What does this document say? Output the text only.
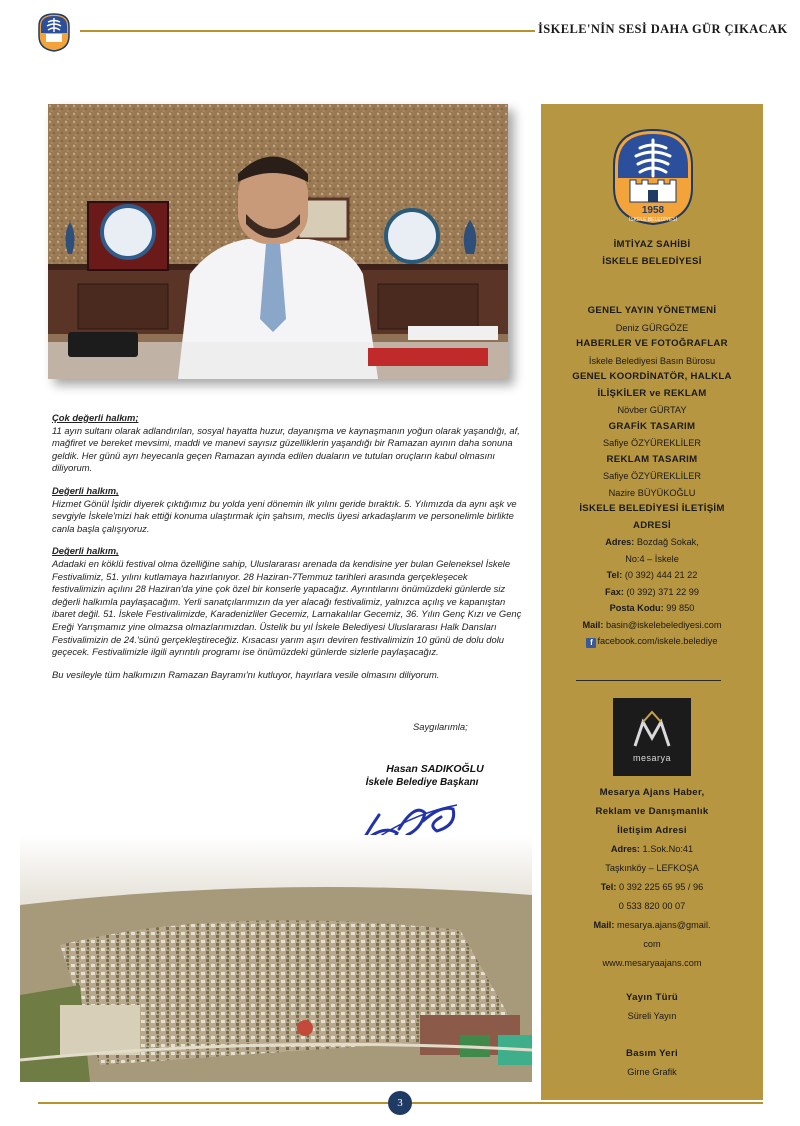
İSKELE'NİN SESİ DAHA GÜR ÇIKACAK

Çok değerli halkım;
11 ayın sultanı olarak adlandırılan, sosyal hayatta huzur, dayanışma ve kaynaşmanın yoğun olarak yaşandığı, af, mağfiret ve bereket mevsimi, maddi ve manevi sayısız güzelliklerin yaşandığı bir Ramazan ayının daha sonuna geldik. Her günü ayrı heyecanla geçen Ramazan ayında edilen duaların ve tutulan oruçların kabul olmasını diliyorum.

Değerli halkım,
Hizmet Gönül İşidir diyerek çıktığımız bu yolda yeni dönemin ilk yılını geride bıraktık. 5. Yılımızda da aynı aşk ve sevgiyle İskele'mizi hak ettiği konuma ulaştırmak için şahsım, meclis üyesi arkadaşlarım ve personelimle birlikte canla başla çalışıyoruz.

Değerli halkım,
Adadaki en köklü festival olma özelliğine sahip, Uluslararası arenada da kendisine yer bulan Geleneksel İskele Festivalimiz, 51. yılını kutlamaya hazırlanıyor. 28 Haziran-7Temmuz tarihleri arasında gerçekleşecek festivalimizin açılını 28 Haziran'da yine çok özel bir konserle yapacağız. Ayrıntılarını önümüzdeki günlerde siz değerli halkımla paylaşacağım. Yerli sanatçılarımızın da yer alacağı festivalimiz, yalnızca açılış ve kapanıştan ibaret değil. 51. İskele Festivalimizde, Karadenizliler Gecemiz, Larnakalılar Gecemiz, 36. Yılın Genç Kızı ve Genç Ereği Yarışmamız yine olmazsa olmazlarımızdan. Üstelik bu yıl İskele Belediyesi Uluslararası Halk Dansları Festivalimizin de 24.'sünü gerçekleştireceğiz. Kısacası yarım aşırı deviren festivalimizin 10 günü de dolu dolu geçecek. Festivalimizle ilgili ayrıntılı programı ise önümüzdeki günlerde sizlerle paylaşacağız.

Bu vesileyle tüm halkımızın Ramazan Bayramı'nı kutluyor, hayırlara vesile olmasını diliyorum.

Saygılarımla;
Hasan SADIKOĞLU
İskele Belediye Başkanı
1958
İSKELE BELEDİYESİ
İMTİYAZ SAHİBİ
İSKELE BELEDİYESİ
GENEL YAYIN YÖNETMENİ
Deniz GÜRGÖZE
HABERLER VE FOTOĞRAFLAR
İskele Belediyesi Basın Bürosu
GENEL KOORDİNATÖR, HALKLA
İLİŞKİLER ve REKLAM
Növber GÜRTAY
GRAFİK TASARIM
Safiye ÖZYÜREKLİLER
REKLAM TASARIM
Safiye ÖZYÜREKLİLER
Nazire BÜYÜKOĞLU
İSKELE BELEDİYESİ İLETİŞİM
ADRESİ
Adres: Bozdağ Sokak,
No:4 – İskele
Tel: (0 392) 444 21 22
Fax: (0 392) 371 22 99
Posta Kodu: 99 850
Mail: basin@iskelebelediyesi.com
f facebook.com/iskele.belediye
mesarya
Mesarya Ajans Haber,
Reklam ve Danışmanlık
İletişim Adresi
Adres: 1.Sok.No:41
Taşkınköy – LEFKOŞA
Tel: 0 392 225 65 95 / 96
0 533 820 00 07
Mail: mesarya.ajans@gmail.
com
www.mesaryaajans.com
Yayın Türü
Süreli Yayın
Basım Yeri
Girne Grafik
3
